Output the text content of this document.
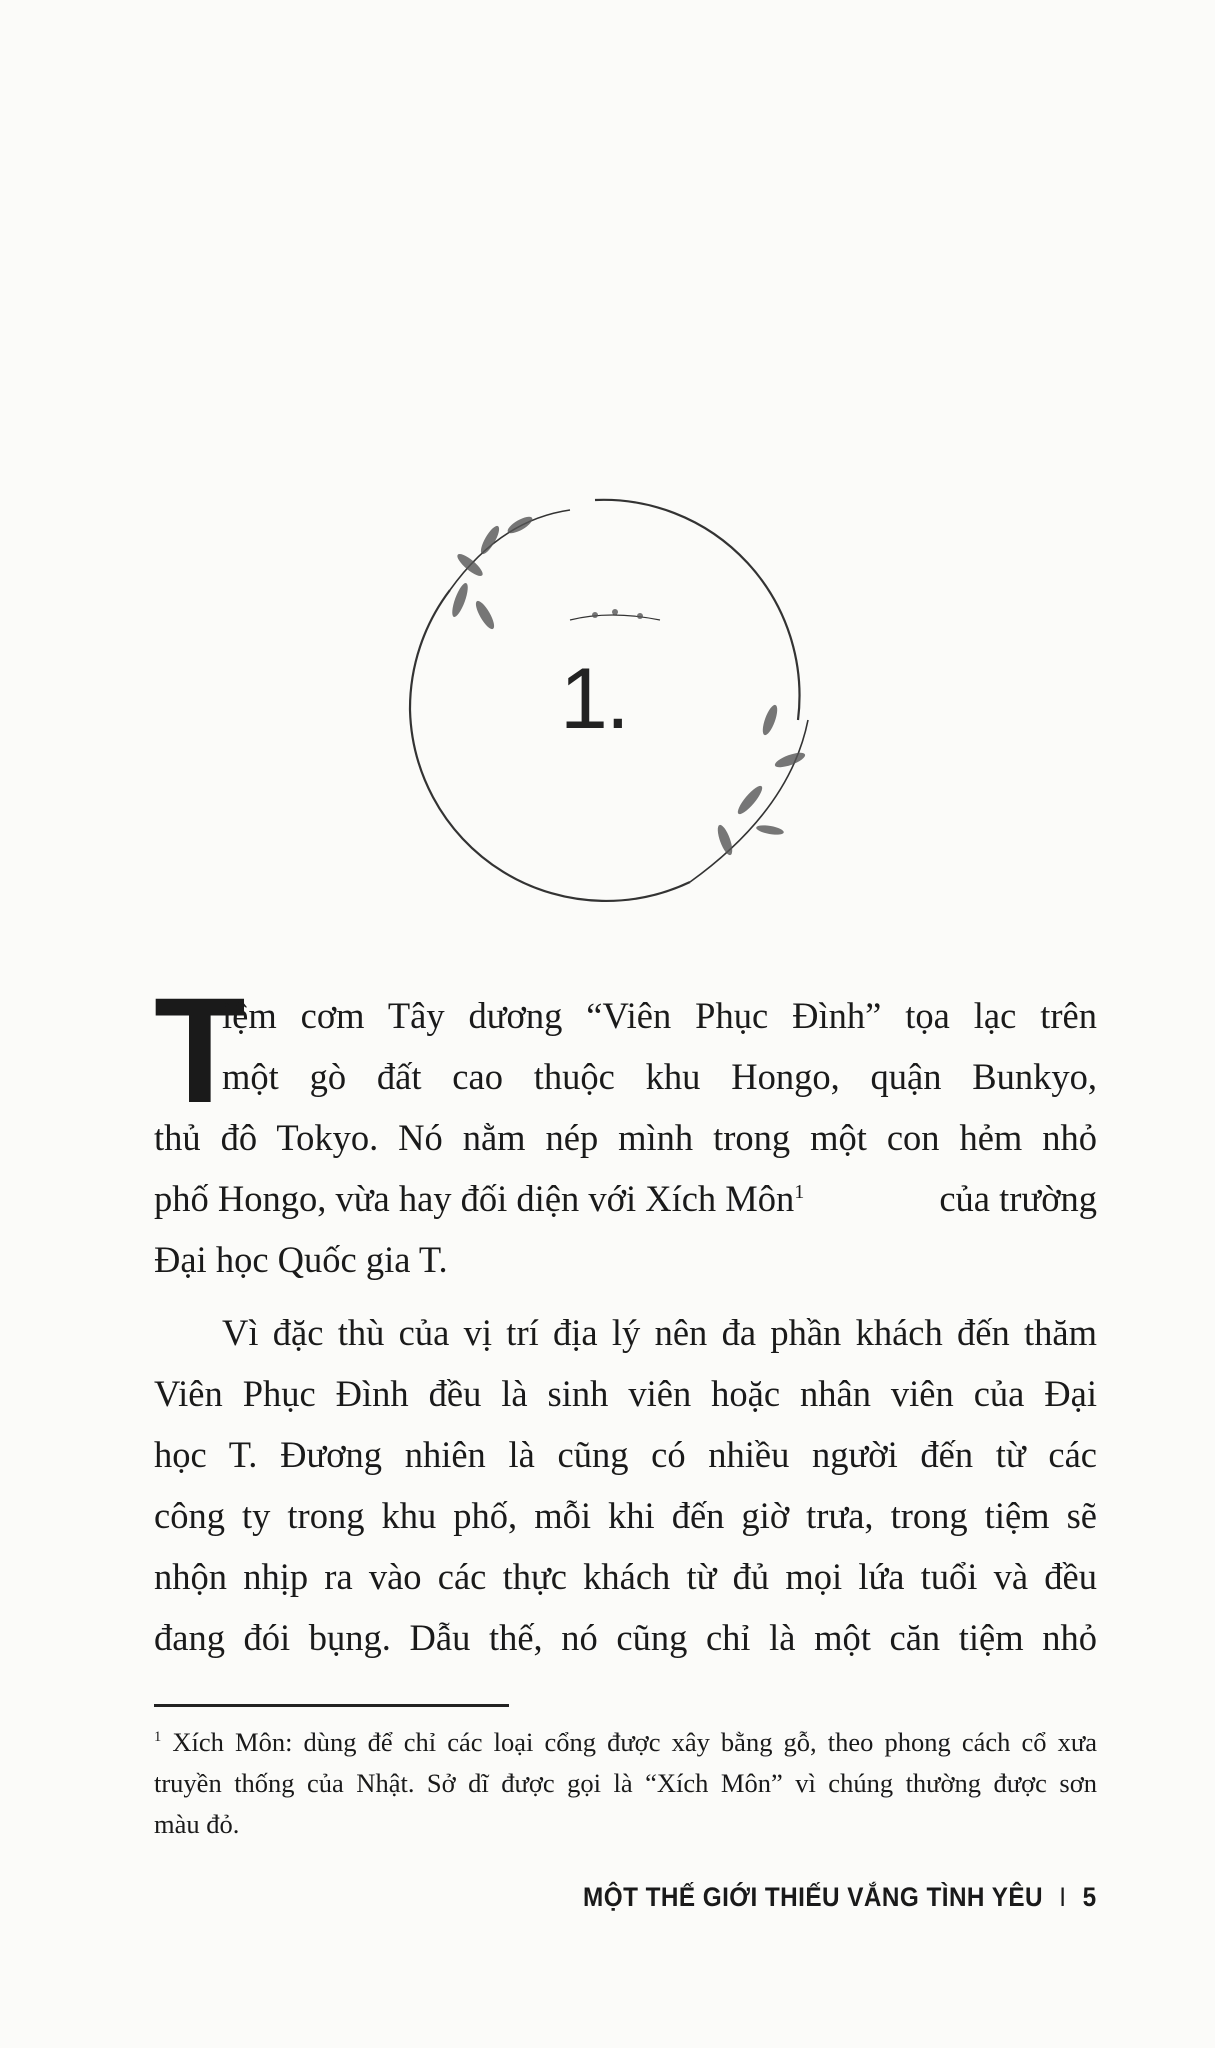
1.
T
iệm cơm Tây dương “Viên Phục Đình” tọa lạc trên
một gò đất cao thuộc khu Hongo, quận Bunkyo,
thủ đô Tokyo. Nó nằm nép mình trong một con hẻm nhỏ
phố Hongo, vừa hay đối diện với Xích Môn$^1$	của trường
Đại học Quốc gia T.
Vì đặc thù của vị trí địa lý nên đa phần khách đến thăm
Viên Phục Đình đều là sinh viên hoặc nhân viên của Đại
học T. Đương nhiên là cũng có nhiều người đến từ các
công ty trong khu phố, mỗi khi đến giờ trưa, trong tiệm sẽ
nhộn nhịp ra vào các thực khách từ đủ mọi lứa tuổi và đều
đang đói bụng. Dẫu thế, nó cũng chỉ là một căn tiệm nhỏ
$^1$ Xích Môn: dùng để chỉ các loại cổng được xây bằng gỗ, theo phong cách cổ xưa
truyền thống của Nhật. Sở dĩ được gọi là “Xích Môn” vì chúng thường được sơn
màu đỏ.
MỘT THẾ GIỚI THIẾU VẮNG TÌNH YÊU I 5
